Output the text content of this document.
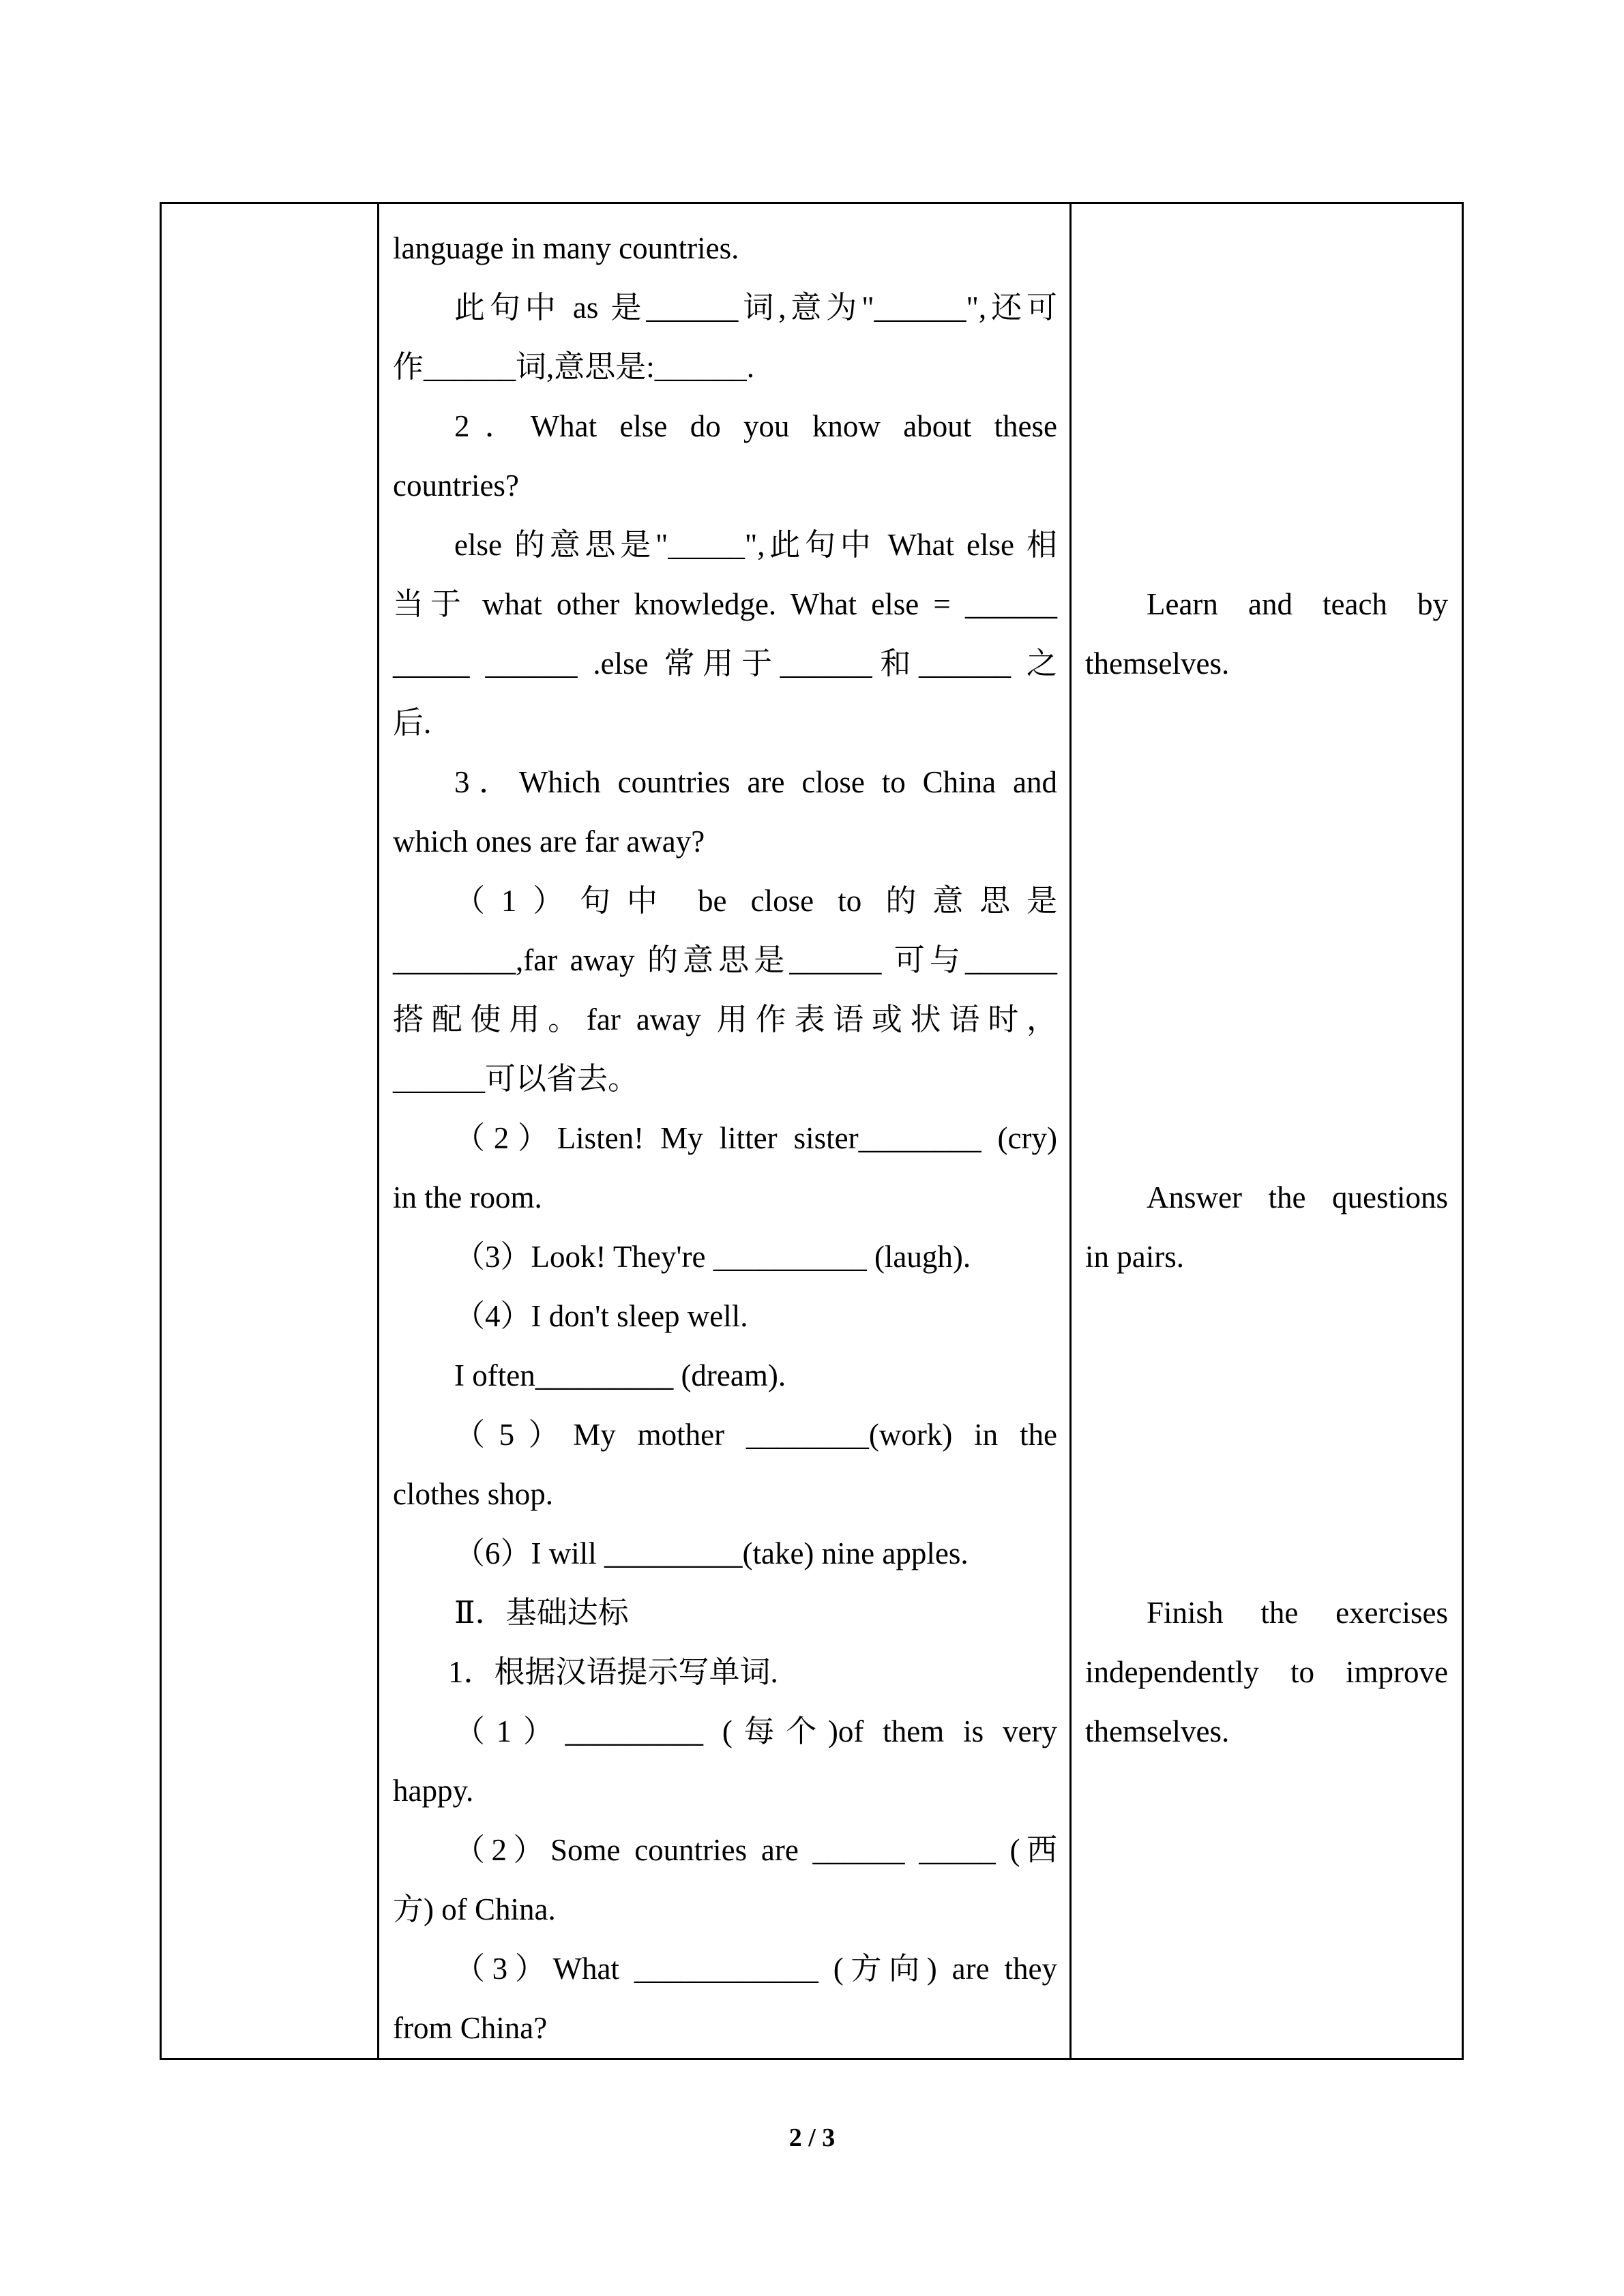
language in many countries.
此句中 as 是______词,意为"______",还可
作______词,意思是:______.
2．What else do you know about these
countries?
else 的意思是"_____",此句中 What else 相
当于 what other knowledge. What else = ______
_____ ______ .else 常用于______和______ 之
后.
3．Which countries are close to China and
which ones are far away?
（1）句中 be close to 的意思是
________,far away 的意思是______ 可与______
搭配使用。far away 用作表语或状语时，
______可以省去。
（2）Listen! My litter sister________ (cry)
in the room.
（3）Look! They're __________ (laugh).
（4）I don't sleep well.
I often_________ (dream).
（5）My mother ________(work) in the
clothes shop.
（6）I will _________(take) nine apples.
Ⅱ．基础达标
1．根据汉语提示写单词.
（1）_________ (每个)of them is very
happy.
（2）Some countries are ______ _____ (西
方) of China.
（3）What ____________ (方向) are they
from China?
Learn and teach by
themselves.
Answer the questions
in pairs.
Finish the exercises
independently to improve
themselves.
2 / 3
